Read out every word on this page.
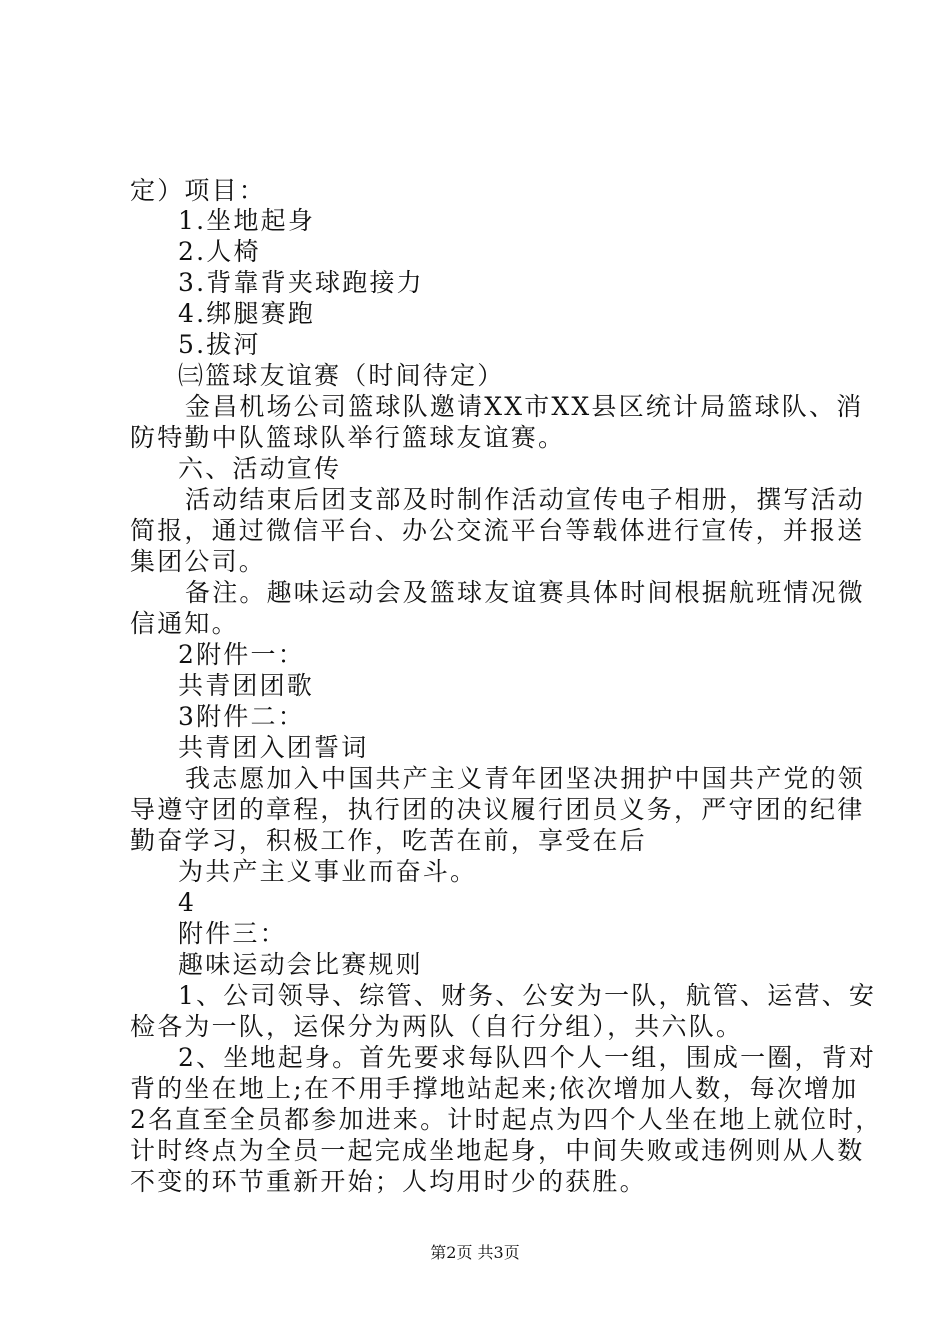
定）项目：
1.坐地起身
2.人椅
3.背靠背夹球跑接力
4.绑腿赛跑
5.拔河
㈢篮球友谊赛（时间待定）
金昌机场公司篮球队邀请XX市XX县区统计局篮球队、消
防特勤中队篮球队举行篮球友谊赛。
六、活动宣传
活动结束后团支部及时制作活动宣传电子相册，撰写活动
简报，通过微信平台、办公交流平台等载体进行宣传，并报送
集团公司。
备注。趣味运动会及篮球友谊赛具体时间根据航班情况微
信通知。
2附件一：
共青团团歌
3附件二：
共青团入团誓词
我志愿加入中国共产主义青年团坚决拥护中国共产党的领
导遵守团的章程，执行团的决议履行团员义务，严守团的纪律
勤奋学习，积极工作，吃苦在前，享受在后
为共产主义事业而奋斗。
4
附件三：
趣味运动会比赛规则
1、公司领导、综管、财务、公安为一队，航管、运营、安
检各为一队，运保分为两队（自行分组），共六队。
2、坐地起身。首先要求每队四个人一组，围成一圈，背对
背的坐在地上;在不用手撑地站起来;依次增加人数，每次增加
2名直至全员都参加进来。计时起点为四个人坐在地上就位时，
计时终点为全员一起完成坐地起身，中间失败或违例则从人数
不变的环节重新开始；人均用时少的获胜。
第2页 共3页
